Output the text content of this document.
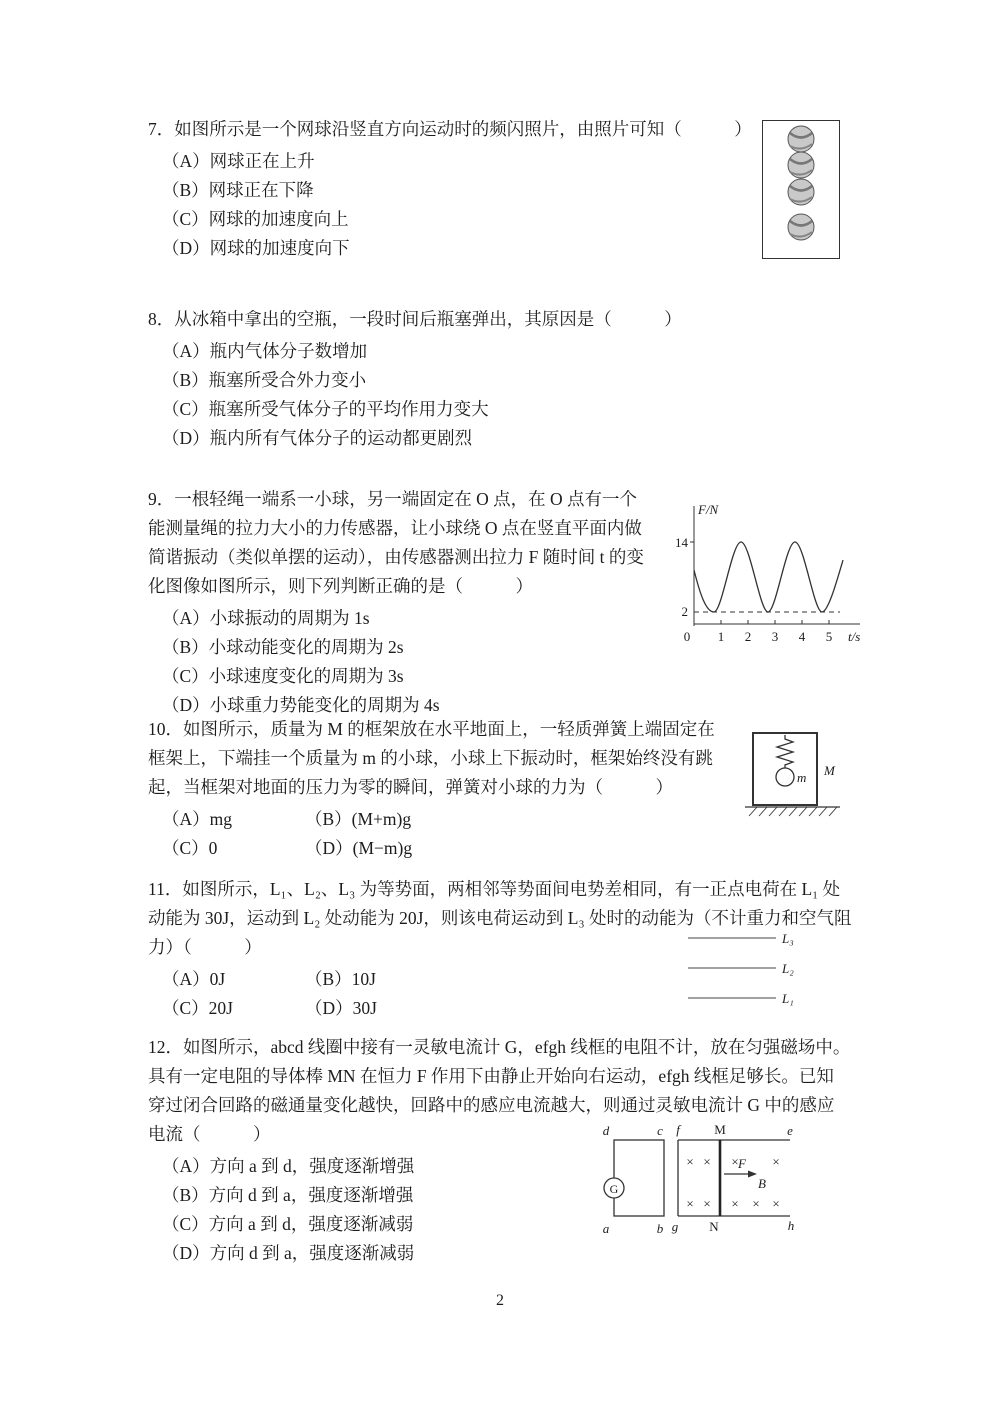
7．如图所示是一个网球沿竖直方向运动时的频闪照片，由照片可知（　　　）
（A）网球正在上升
（B）网球正在下降
（C）网球的加速度向上
（D）网球的加速度向下
8．从冰箱中拿出的空瓶，一段时间后瓶塞弹出，其原因是（　　　）
（A）瓶内气体分子数增加
（B）瓶塞所受合外力变小
（C）瓶塞所受气体分子的平均作用力变大
（D）瓶内所有气体分子的运动都更剧烈
9．一根轻绳一端系一小球，另一端固定在 O 点，在 O 点有一个
能测量绳的拉力大小的力传感器，让小球绕 O 点在竖直平面内做
简谐振动（类似单摆的运动），由传感器测出拉力 F 随时间 t 的变
化图像如图所示，则下列判断正确的是（　　　）
（A）小球振动的周期为 1s
（B）小球动能变化的周期为 2s
（C）小球速度变化的周期为 3s
（D）小球重力势能变化的周期为 4s
F/N
14
2
0 1 2 3 4 5 t/s
10．如图所示，质量为 M 的框架放在水平地面上，一轻质弹簧上端固定在
框架上，下端挂一个质量为 m 的小球，小球上下振动时，框架始终没有跳
起，当框架对地面的压力为零的瞬间，弹簧对小球的力为（　　　）
（A）mg	（B）(M+m)g
（C）0	（D）(M−m)g
m M
11．如图所示，L₁、L₂、L₃ 为等势面，两相邻等势面间电势差相同，有一正点电荷在 L₁ 处
动能为 30J，运动到 L₂ 处动能为 20J，则该电荷运动到 L₃ 处时的动能为（不计重力和空气阻
力）（　　　）
（A）0J	（B）10J
（C）20J	（D）30J
L₃
L₂
L₁
12．如图所示，abcd 线圈中接有一灵敏电流计 G，efgh 线框的电阻不计，放在匀强磁场中。
具有一定电阻的导体棒 MN 在恒力 F 作用下由静止开始向右运动，efgh 线框足够长。已知
穿过闭合回路的磁通量变化越快，回路中的感应电流越大，则通过灵敏电流计 G 中的感应
电流（　　　）
（A）方向 a 到 d，强度逐渐增强
（B）方向 d 到 a，强度逐渐增强
（C）方向 a 到 d，强度逐渐减弱
（D）方向 d 到 a，强度逐渐减弱
G
d	c
a	b
f	e
g	h
M
N
F
B
× × ×	×
× × × × ×
2
